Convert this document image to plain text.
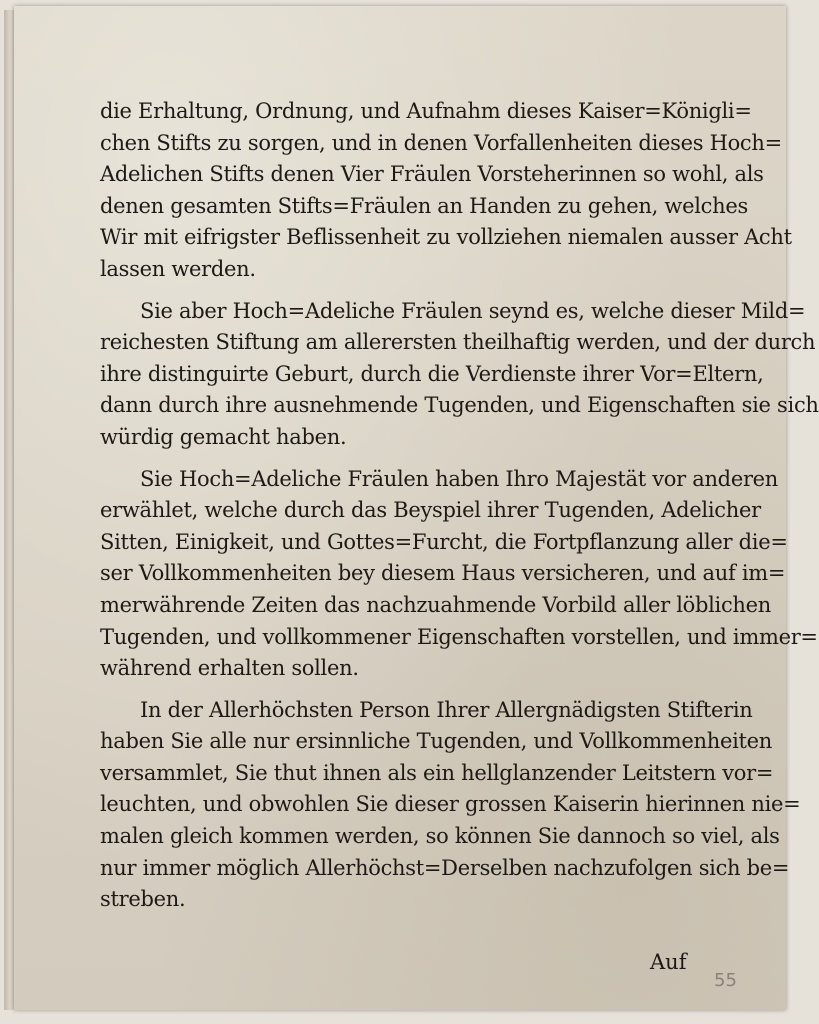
die Erhaltung, Ordnung, und Aufnahm dieses Kaiser=Königli=
chen Stifts zu sorgen, und in denen Vorfallenheiten dieses Hoch=
Adelichen Stifts denen Vier Fräulen Vorsteherinnen so wohl, als
denen gesamten Stifts=Fräulen an Handen zu gehen, welches
Wir mit eifrigster Beflissenheit zu vollziehen niemalen ausser Acht
lassen werden.
Sie aber Hoch=Adeliche Fräulen seynd es, welche dieser Mild=
reichesten Stiftung am allerersten theilhaftig werden, und der durch
ihre distinguirte Geburt, durch die Verdienste ihrer Vor=Eltern,
dann durch ihre ausnehmende Tugenden, und Eigenschaften sie sich
würdig gemacht haben.
Sie Hoch=Adeliche Fräulen haben Ihro Majestät vor anderen
erwählet, welche durch das Beyspiel ihrer Tugenden, Adelicher
Sitten, Einigkeit, und Gottes=Furcht, die Fortpflanzung aller die=
ser Vollkommenheiten bey diesem Haus versicheren, und auf im=
merwährende Zeiten das nachzuahmende Vorbild aller löblichen
Tugenden, und vollkommener Eigenschaften vorstellen, und immer=
während erhalten sollen.
In der Allerhöchsten Person Ihrer Allergnädigsten Stifterin
haben Sie alle nur ersinnliche Tugenden, und Vollkommenheiten
versammlet, Sie thut ihnen als ein hellglanzender Leitstern vor=
leuchten, und obwohlen Sie dieser grossen Kaiserin hierinnen nie=
malen gleich kommen werden, so können Sie dannoch so viel, als
nur immer möglich Allerhöchst=Derselben nachzufolgen sich be=
streben.
Auf
55
